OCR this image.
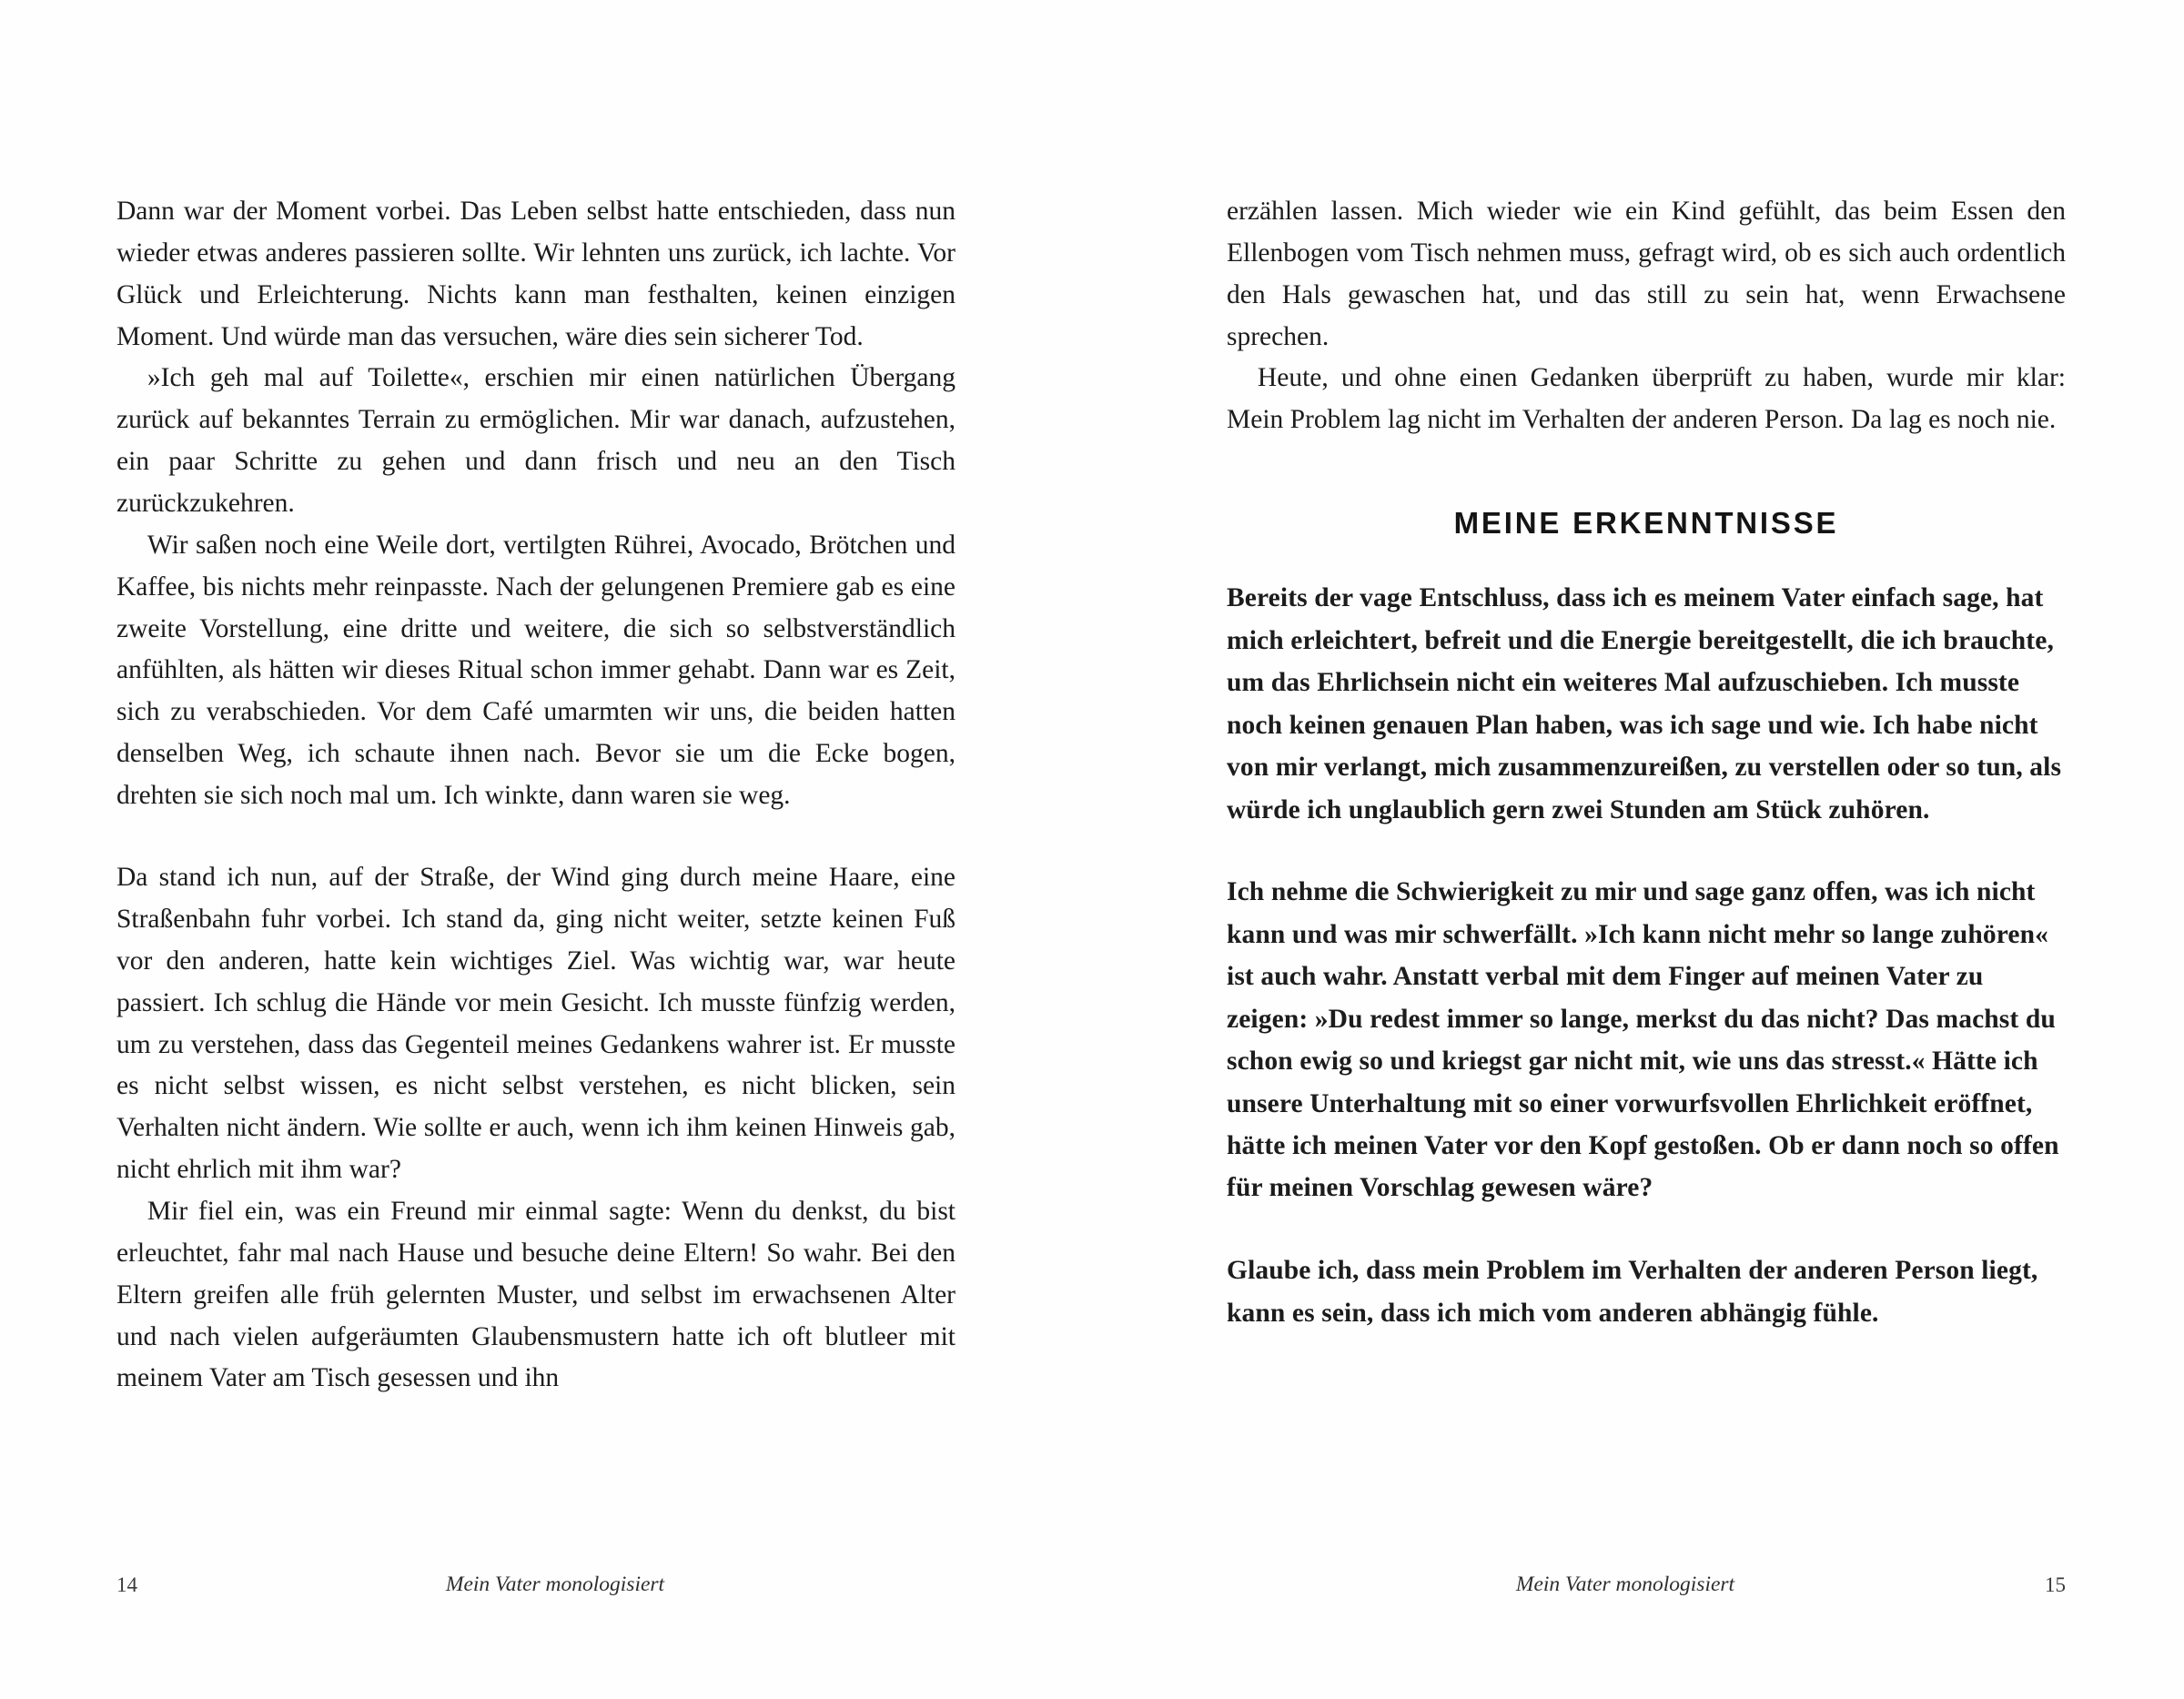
Dann war der Moment vorbei. Das Leben selbst hatte entschieden, dass nun wieder etwas anderes passieren sollte. Wir lehnten uns zurück, ich lachte. Vor Glück und Erleichterung. Nichts kann man festhalten, keinen einzigen Moment. Und würde man das versuchen, wäre dies sein sicherer Tod.

»Ich geh mal auf Toilette«, erschien mir einen natürlichen Übergang zurück auf bekanntes Terrain zu ermöglichen. Mir war danach, aufzustehen, ein paar Schritte zu gehen und dann frisch und neu an den Tisch zurückzukehren.

Wir saßen noch eine Weile dort, vertilgten Rührei, Avocado, Brötchen und Kaffee, bis nichts mehr reinpasste. Nach der gelungenen Premiere gab es eine zweite Vorstellung, eine dritte und weitere, die sich so selbstverständlich anfühlten, als hätten wir dieses Ritual schon immer gehabt. Dann war es Zeit, sich zu verabschieden. Vor dem Café umarmten wir uns, die beiden hatten denselben Weg, ich schaute ihnen nach. Bevor sie um die Ecke bogen, drehten sie sich noch mal um. Ich winkte, dann waren sie weg.

Da stand ich nun, auf der Straße, der Wind ging durch meine Haare, eine Straßenbahn fuhr vorbei. Ich stand da, ging nicht weiter, setzte keinen Fuß vor den anderen, hatte kein wichtiges Ziel. Was wichtig war, war heute passiert. Ich schlug die Hände vor mein Gesicht. Ich musste fünfzig werden, um zu verstehen, dass das Gegenteil meines Gedankens wahrer ist. Er musste es nicht selbst wissen, es nicht selbst verstehen, es nicht blicken, sein Verhalten nicht ändern. Wie sollte er auch, wenn ich ihm keinen Hinweis gab, nicht ehrlich mit ihm war?

Mir fiel ein, was ein Freund mir einmal sagte: Wenn du denkst, du bist erleuchtet, fahr mal nach Hause und besuche deine Eltern! So wahr. Bei den Eltern greifen alle früh gelernten Muster, und selbst im erwachsenen Alter und nach vielen aufgeräumten Glaubensmustern hatte ich oft blutleer mit meinem Vater am Tisch gesessen und ihn

erzählen lassen. Mich wieder wie ein Kind gefühlt, das beim Essen den Ellenbogen vom Tisch nehmen muss, gefragt wird, ob es sich auch ordentlich den Hals gewaschen hat, und das still zu sein hat, wenn Erwachsene sprechen.

Heute, und ohne einen Gedanken überprüft zu haben, wurde mir klar: Mein Problem lag nicht im Verhalten der anderen Person. Da lag es noch nie.

MEINE ERKENNTNISSE

Bereits der vage Entschluss, dass ich es meinem Vater einfach sage, hat mich erleichtert, befreit und die Energie bereitgestellt, die ich brauchte, um das Ehrlichsein nicht ein weiteres Mal aufzuschieben. Ich musste noch keinen genauen Plan haben, was ich sage und wie. Ich habe nicht von mir verlangt, mich zusammenzureißen, zu verstellen oder so tun, als würde ich unglaublich gern zwei Stunden am Stück zuhören.

Ich nehme die Schwierigkeit zu mir und sage ganz offen, was ich nicht kann und was mir schwerfällt. »Ich kann nicht mehr so lange zuhören« ist auch wahr. Anstatt verbal mit dem Finger auf meinen Vater zu zeigen: »Du redest immer so lange, merkst du das nicht? Das machst du schon ewig so und kriegst gar nicht mit, wie uns das stresst.« Hätte ich unsere Unterhaltung mit so einer vorwurfsvollen Ehrlichkeit eröffnet, hätte ich meinen Vater vor den Kopf gestoßen. Ob er dann noch so offen für meinen Vorschlag gewesen wäre?

Glaube ich, dass mein Problem im Verhalten der anderen Person liegt, kann es sein, dass ich mich vom anderen abhängig fühle.

14	Mein Vater monologisiert	Mein Vater monologisiert	15
